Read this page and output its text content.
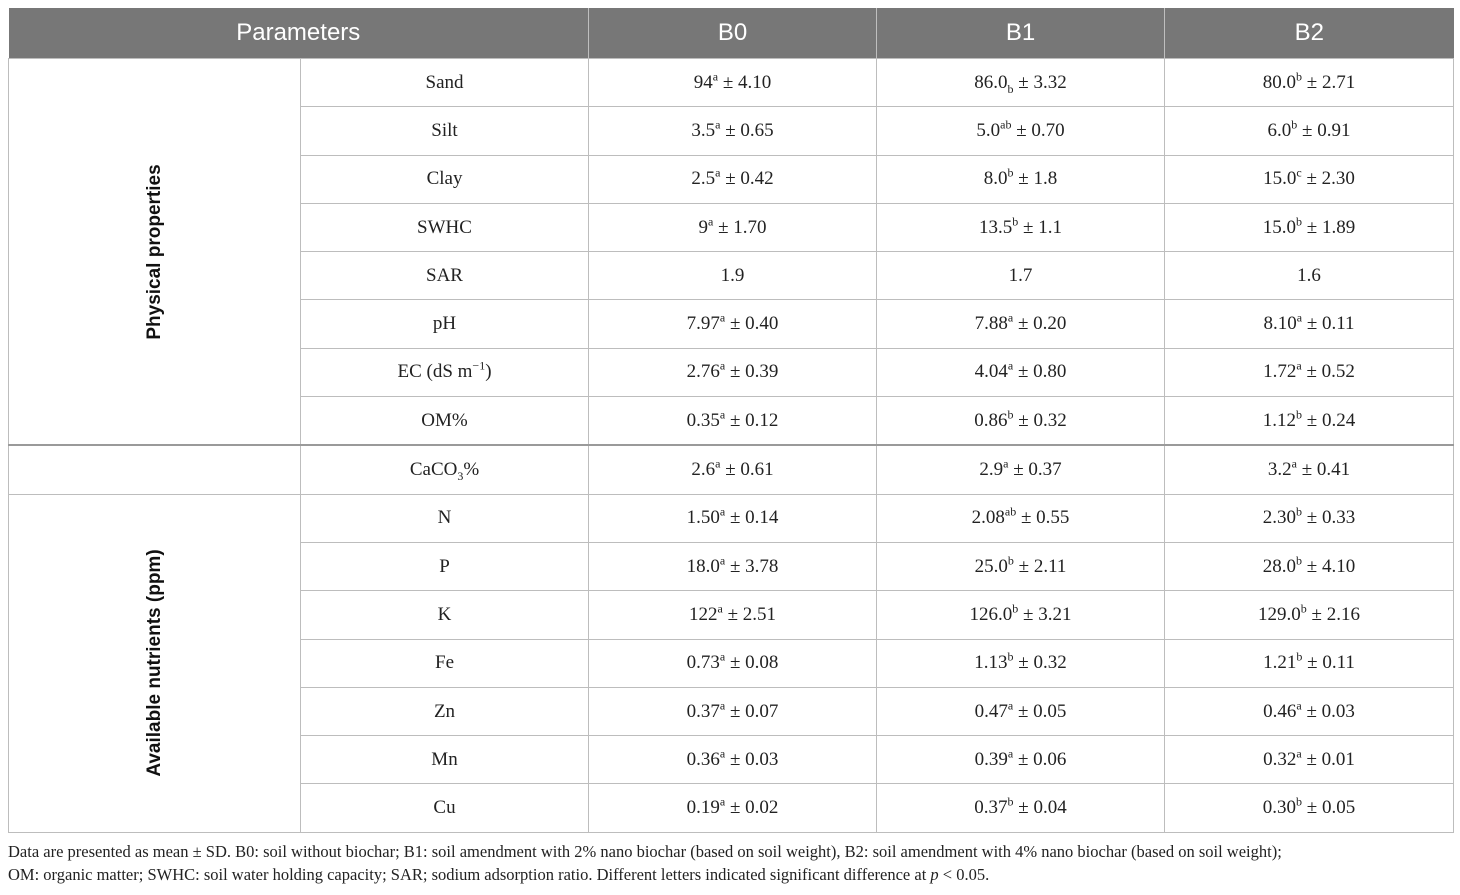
Parameters		B0	B1	B2

Physical properties	Sand	$94^a \pm 4.10$	$86.0_b \pm 3.32$	80.0$^b$ ± 2.71
	Silt	3.5$^a$ ± 0.65	5.0$^{ab}$ ± 0.70	6.0$^b$ ± 0.91
	Clay	2.5$^a$ ± 0.42	8.0$^b$ ± 1.8	15.0$^c$ ± 2.30
	SWHC	$9^a \pm 1.70$	13.5$^b$ ± 1.1	15.0$^b$ ± 1.89
	SAR	1.9	1.7	1.6
	pH	7.97$^a$ ± 0.40	7.88$^a$ ± 0.20	8.10$^a$ ± 0.11
	EC (dS $m^{-1}$)	2.76$^a$ ± 0.39	4.04$^a$ ± 0.80	1.72$^a$ ± 0.52
	OM%	0.35$^a$ ± 0.12	0.86$^b$ ± 0.32	1.12$^b$ ± 0.24
	CaCO$_3$%	2.6$^a$ ± 0.61	2.9$^a$ ± 0.37	3.2$^a$ ± 0.41

Available nutrients (ppm)	N	1.50$^a$ ± 0.14	2.08$^{ab}$ ± 0.55	2.30$^b$ ± 0.33
	P	18.0$^a$ ± 3.78	25.0$^b$ ± 2.11	28.0$^b$ ± 4.10
	K	$122^a \pm 2.51$	126.0$^b$ ± 3.21	129.0$^b$ ± 2.16
	Fe	0.73$^a$ ± 0.08	1.13$^b$ ± 0.32	1.21$^b$ ± 0.11
	Zn	0.37$^a$ ± 0.07	0.47$^a$ ± 0.05	0.46$^a$ ± 0.03
	Mn	0.36$^a$ ± 0.03	0.39$^a$ ± 0.06	0.32$^a$ ± 0.01
	Cu	0.19$^a$ ± 0.02	0.37$^b$ ± 0.04	0.30$^b$ ± 0.05
Data are presented as mean ± SD. B0: soil without biochar; B1: soil amendment with 2% nano biochar (based on soil weight), B2: soil amendment with 4% nano biochar (based on soil weight);
OM: organic matter; SWHC: soil water holding capacity; SAR; sodium adsorption ratio. Different letters indicated significant difference at p < 0.05.
